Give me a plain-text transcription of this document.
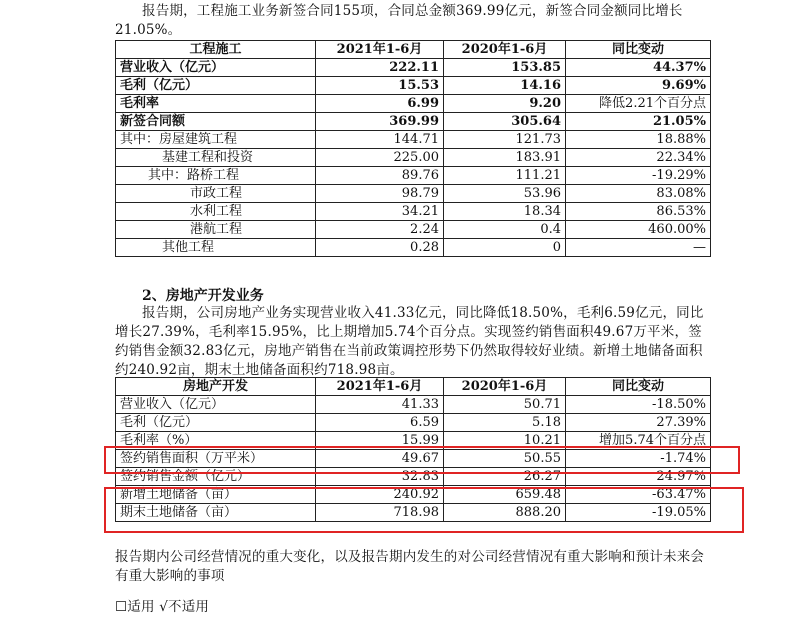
报告期，工程施工业务新签合同155项，合同总金额369.99亿元，新签合同金额同比增长21.05%。
工程施工	2021年1-6月	2020年1-6月	同比变动
营业收入（亿元）	222.11	153.85	44.37%
毛利（亿元）	15.53	14.16	9.69%
毛利率	6.99	9.20	降低2.21个百分点
新签合同额	369.99	305.64	21.05%
其中：房屋建筑工程	144.71	121.73	18.88%
基建工程和投资	225.00	183.91	22.34%
其中：路桥工程	89.76	111.21	-19.29%
市政工程	98.79	53.96	83.08%
水利工程	34.21	18.34	86.53%
港航工程	2.24	0.4	460.00%
其他工程	0.28	0	—
2、房地产开发业务
报告期，公司房地产业务实现营业收入41.33亿元，同比降低18.50%，毛利6.59亿元，同比增长27.39%，毛利率15.95%，比上期增加5.74个百分点。实现签约销售面积49.67万平米，签约销售金额32.83亿元，房地产销售在当前政策调控形势下仍然取得较好业绩。新增土地储备面积约240.92亩，期末土地储备面积约718.98亩。
房地产开发	2021年1-6月	2020年1-6月	同比变动
营业收入（亿元）	41.33	50.71	-18.50%
毛利（亿元）	6.59	5.18	27.39%
毛利率（%）	15.99	10.21	增加5.74个百分点
签约销售面积（万平米）	49.67	50.55	-1.74%
签约销售金额（亿元）	32.83	26.27	24.97%
新增土地储备（亩）	240.92	659.48	-63.47%
期末土地储备（亩）	718.98	888.20	-19.05%
报告期内公司经营情况的重大变化，以及报告期内发生的对公司经营情况有重大影响和预计未来会有重大影响的事项
☐适用 √不适用
